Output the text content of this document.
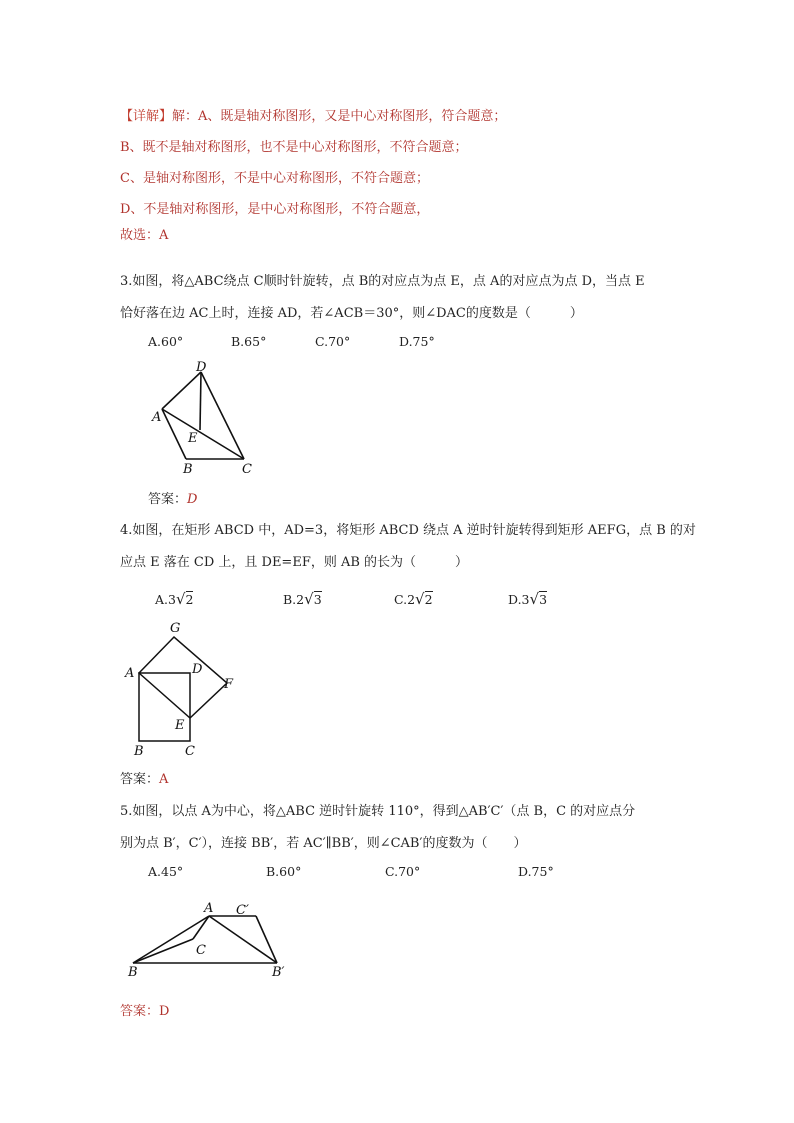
【详解】解：A、既是轴对称图形，又是中心对称图形，符合题意；
B、既不是轴对称图形，也不是中心对称图形，不符合题意；
C、是轴对称图形，不是中心对称图形，不符合题意；
D、不是轴对称图形，是中心对称图形，不符合题意，
故选：A
3.如图，将△ABC绕点 C顺时针旋转，点 B的对应点为点 E，点 A的对应点为点 D，当点 E
恰好落在边 AC上时，连接 AD，若∠ACB＝30°，则∠DAC的度数是（　　　）
A.60°	B.65°	C.70°	D.75°
D
A
E
B	C
答案：D
4.如图，在矩形 ABCD 中，AD=3，将矩形 ABCD 绕点 A 逆时针旋转得到矩形 AEFG，点 B 的对
应点 E 落在 CD 上，且 DE=EF，则 AB 的长为（　　　）
A.3√2	B.2√3	C.2√2	D.3√3
G
A	D
F
E
B	C
答案：A
5.如图，以点 A为中心，将△ABC 逆时针旋转 110°，得到△AB′C′（点 B，C 的对应点分
别为点 B′，C′），连接 BB′，若 AC′∥BB′，则∠CAB′的度数为（　　）
A.45°	B.60°	C.70°	D.75°
A C′
C
B	B′
答案：D
